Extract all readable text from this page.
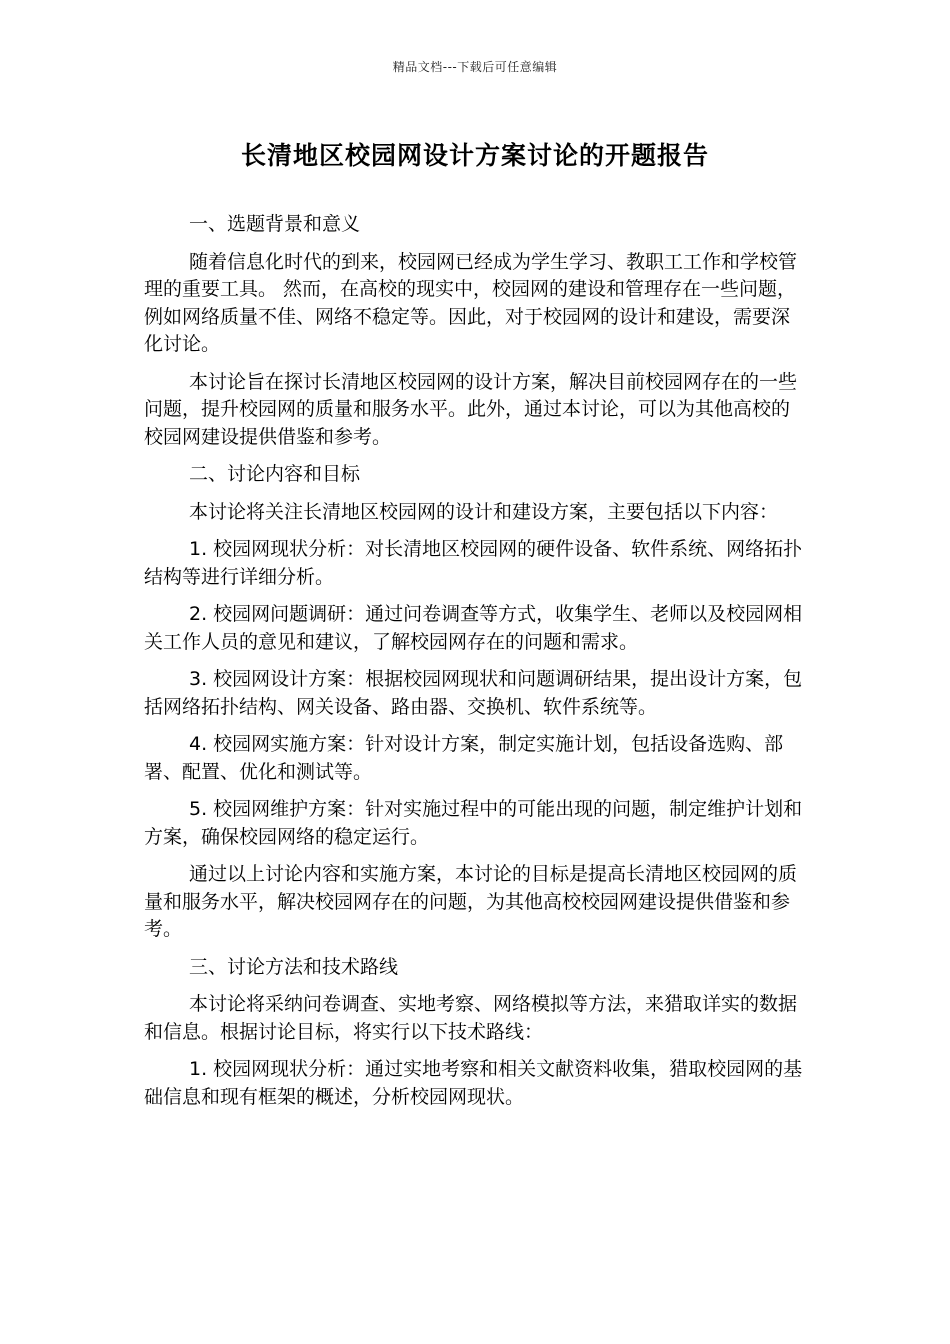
精品文档---下载后可任意编辑
长清地区校园网设计方案讨论的开题报告

一、选题背景和意义

随着信息化时代的到来，校园网已经成为学生学习、教职工工作和学校管理的重要工具。 然而，在高校的现实中，校园网的建设和管理存在一些问题，例如网络质量不佳、网络不稳定等。因此，对于校园网的设计和建设，需要深化讨论。

本讨论旨在探讨长清地区校园网的设计方案，解决目前校园网存在的一些问题，提升校园网的质量和服务水平。此外，通过本讨论，可以为其他高校的校园网建设提供借鉴和参考。

二、讨论内容和目标

本讨论将关注长清地区校园网的设计和建设方案，主要包括以下内容：

1. 校园网现状分析：对长清地区校园网的硬件设备、软件系统、网络拓扑结构等进行详细分析。

2. 校园网问题调研：通过问卷调查等方式，收集学生、老师以及校园网相关工作人员的意见和建议，了解校园网存在的问题和需求。

3. 校园网设计方案：根据校园网现状和问题调研结果，提出设计方案，包括网络拓扑结构、网关设备、路由器、交换机、软件系统等。

4. 校园网实施方案：针对设计方案，制定实施计划，包括设备选购、部署、配置、优化和测试等。

5. 校园网维护方案：针对实施过程中的可能出现的问题，制定维护计划和方案，确保校园网络的稳定运行。

通过以上讨论内容和实施方案，本讨论的目标是提高长清地区校园网的质量和服务水平，解决校园网存在的问题，为其他高校校园网建设提供借鉴和参考。

三、讨论方法和技术路线

本讨论将采纳问卷调查、实地考察、网络模拟等方法，来猎取详实的数据和信息。根据讨论目标，将实行以下技术路线：

1. 校园网现状分析：通过实地考察和相关文献资料收集，猎取校园网的基础信息和现有框架的概述，分析校园网现状。
